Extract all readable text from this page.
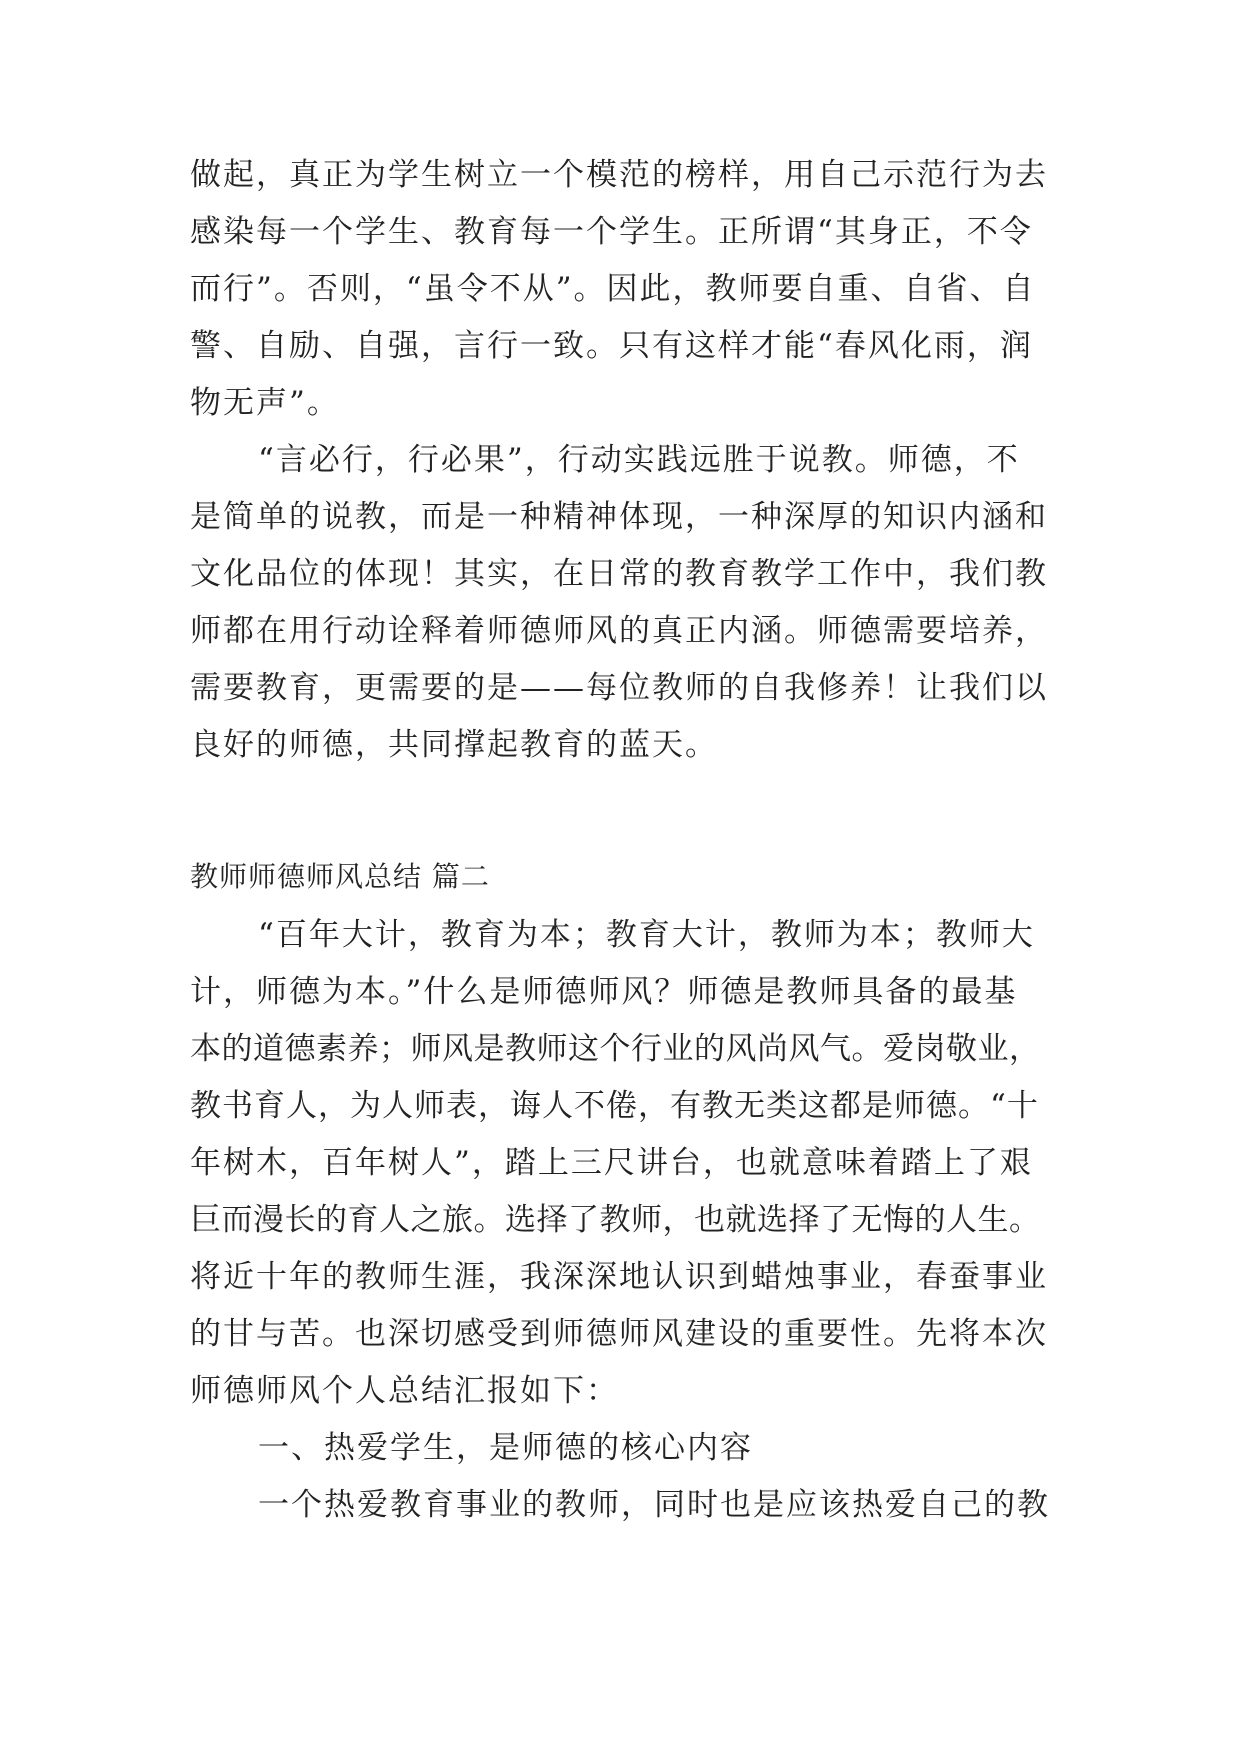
做起，真正为学生树立一个模范的榜样，用自己示范行为去
感染每一个学生、教育每一个学生。正所谓“其身正，不令
而行”。否则，“虽令不从”。因此，教师要自重、自省、自
警、自励、自强，言行一致。只有这样才能“春风化雨，润
物无声”。
“言必行，行必果”，行动实践远胜于说教。师德，不
是简单的说教，而是一种精神体现，一种深厚的知识内涵和
文化品位的体现！其实，在日常的教育教学工作中，我们教
师都在用行动诠释着师德师风的真正内涵。师德需要培养，
需要教育，更需要的是——每位教师的自我修养！让我们以
良好的师德，共同撑起教育的蓝天。
教师师德师风总结 篇二
“百年大计，教育为本；教育大计，教师为本；教师大
计，师德为本。”什么是师德师风？师德是教师具备的最基
本的道德素养；师风是教师这个行业的风尚风气。爱岗敬业，
教书育人，为人师表，诲人不倦，有教无类这都是师德。“十
年树木，百年树人”，踏上三尺讲台，也就意味着踏上了艰
巨而漫长的育人之旅。选择了教师，也就选择了无悔的人生。
将近十年的教师生涯，我深深地认识到蜡烛事业，春蚕事业
的甘与苦。也深切感受到师德师风建设的重要性。先将本次
师德师风个人总结汇报如下：
一、热爱学生，是师德的核心内容
一个热爱教育事业的教师，同时也是应该热爱自己的教
